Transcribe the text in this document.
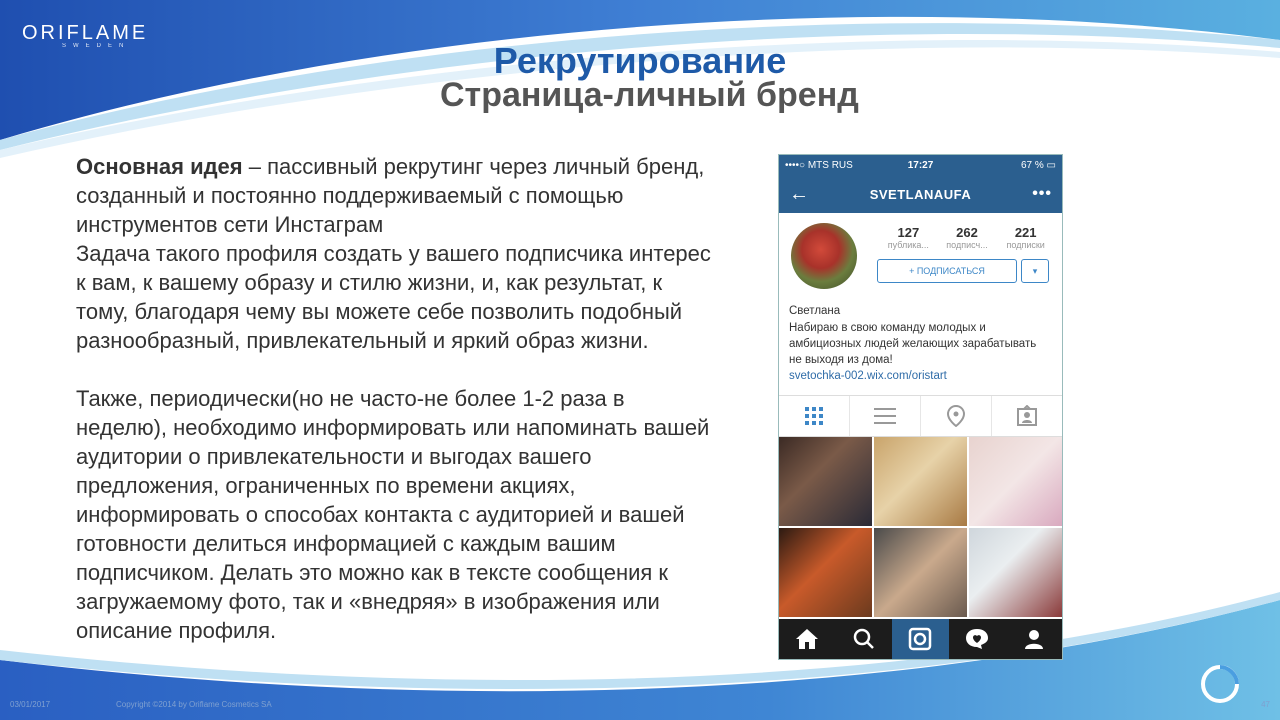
ORIFLAME
SWEDEN	Рекрутирование
Страница-личный бренд

Основная идея – пассивный рекрутинг через личный бренд, созданный и постоянно поддерживаемый с помощью инструментов сети Инстаграм

Задача такого профиля создать у вашего подписчика интерес к вам, к вашему образу и стилю жизни, и, как результат, к тому, благодаря чему вы можете себе позволить подобный разнообразный, привлекательный и яркий образ жизни.

Также, периодически(но не часто-не более 1-2 раза в неделю), необходимо информировать или напоминать вашей аудитории о привлекательности и выгодах вашего предложения, ограниченных по времени акциях, информировать о способах контакта с аудиторией и вашей готовности делиться информацией с каждым вашим подписчиком. Делать это можно как в тексте сообщения к загружаемому фото, так и «внедряя» в изображения или описание профиля.

••••○ MTS RUS	17:27	67 % ▭
←	SVETLANAUFA	•••
127
публика...
262
подписч...
221
подписки
+ ПОДПИСАТЬСЯ	▾
Светлана
Набираю в свою команду молодых и амбициозных людей желающих зарабатывать не выходя из дома!
svetochka-002.wix.com/oristart
03/01/2017	Copyright ©2014 by Oriflame Cosmetics SA	47
